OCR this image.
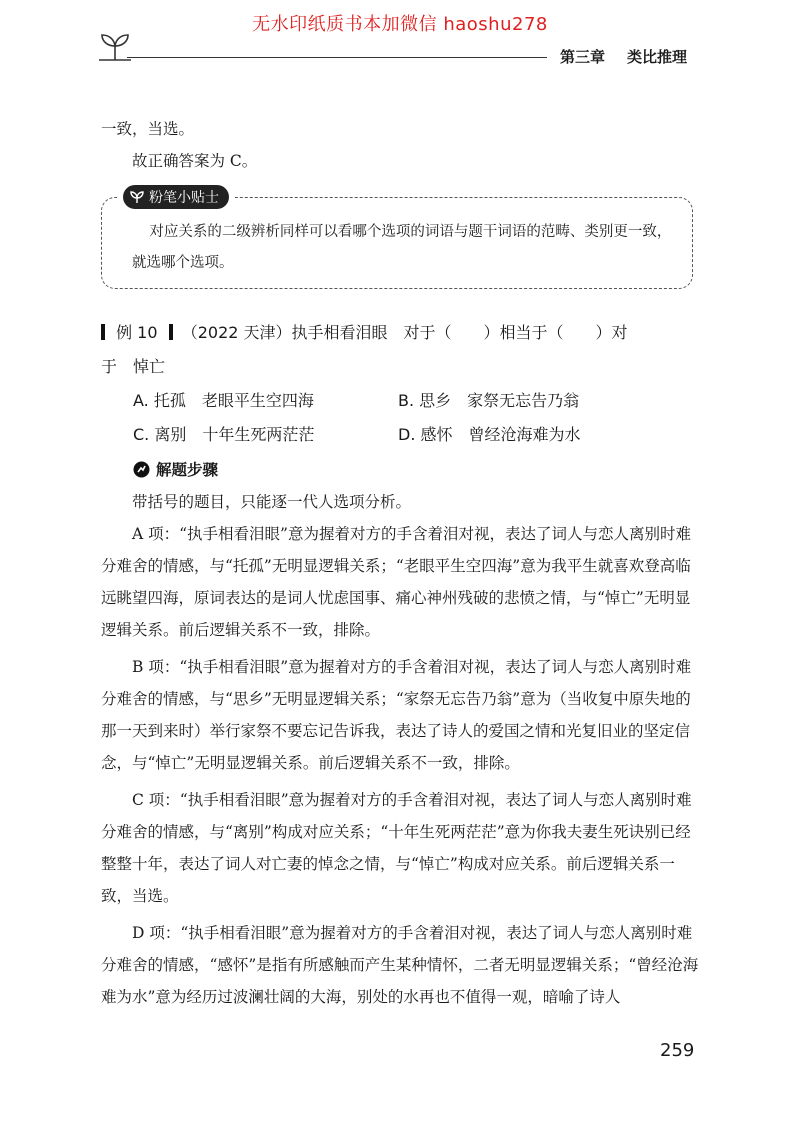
无水印纸质书本加微信 haoshu278
第三章 类比推理
一致，当选。
故正确答案为 C。
粉笔小贴士
对应关系的二级辨析同样可以看哪个选项的词语与题干词语的范畴、类别更一致，就选哪个选项。
例 10 （2022 天津）执手相看泪眼　对于（　　）相当于（　　）对
于　悼亡
A. 托孤　老眼平生空四海	B. 思乡　家祭无忘告乃翁
C. 离别　十年生死两茫茫	D. 感怀　曾经沧海难为水
解题步骤
带括号的题目，只能逐一代人选项分析。
A 项：“执手相看泪眼”意为握着对方的手含着泪对视，表达了词人与恋人离别时难分难舍的情感，与“托孤”无明显逻辑关系；“老眼平生空四海”意为我平生就喜欢登高临远眺望四海，原词表达的是词人忧虑国事、痛心神州残破的悲愤之情，与“悼亡”无明显逻辑关系。前后逻辑关系不一致，排除。
B 项：“执手相看泪眼”意为握着对方的手含着泪对视，表达了词人与恋人离别时难分难舍的情感，与“思乡”无明显逻辑关系；“家祭无忘告乃翁”意为（当收复中原失地的那一天到来时）举行家祭不要忘记告诉我，表达了诗人的爱国之情和光复旧业的坚定信念，与“悼亡”无明显逻辑关系。前后逻辑关系不一致，排除。
C 项：“执手相看泪眼”意为握着对方的手含着泪对视，表达了词人与恋人离别时难分难舍的情感，与“离别”构成对应关系；“十年生死两茫茫”意为你我夫妻生死诀别已经整整十年，表达了词人对亡妻的悼念之情，与“悼亡”构成对应关系。前后逻辑关系一致，当选。
D 项：“执手相看泪眼”意为握着对方的手含着泪对视，表达了词人与恋人离别时难分难舍的情感，“感怀”是指有所感触而产生某种情怀，二者无明显逻辑关系；“曾经沧海难为水”意为经历过波澜壮阔的大海，别处的水再也不值得一观，暗喻了诗人
259
